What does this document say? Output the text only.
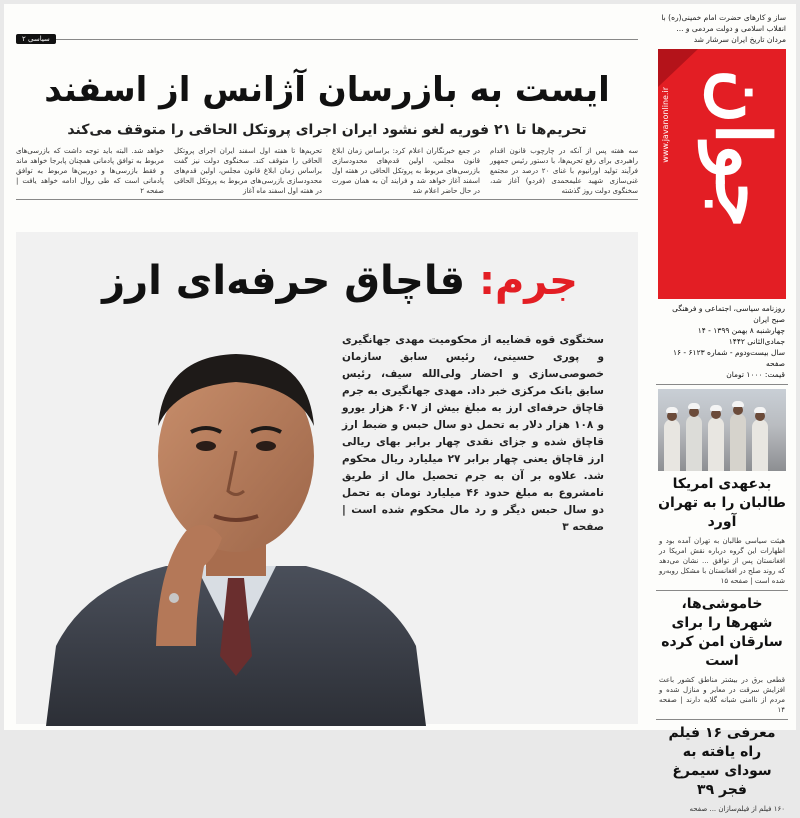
ساز و کارهای حضرت امام خمینی(ره) با انقلاب اسلامی و دولت مردمی و ... مردان تاریخ ایران سرشار شد
جوان
www.javanonline.ir
روزنامه سیاسی، اجتماعی و فرهنگی صبح ایران
چهارشنبه ۸ بهمن ۱۳۹۹ - ۱۴ جمادی‌الثانی ۱۴۴۲
سال بیست‌ودوم - شماره ۶۱۲۳ - ۱۶ صفحه
قیمت: ۱۰۰۰ تومان
بدعهدی امریکا طالبان را به تهران آورد
هیئت سیاسی طالبان به تهران آمده بود و اظهارات این گروه درباره نقش امریکا در افغانستان پس از توافق ... نشان می‌دهد که روند صلح در افغانستان با مشکل روبه‌رو شده است | صفحه ۱۵
خاموشی‌ها، شهرها را برای سارقان امن کرده است
قطعی برق در بیشتر مناطق کشور باعث افزایش سرقت در معابر و منازل شده و مردم از ناامنی شبانه گلایه دارند | صفحه ۱۴
معرفی ۱۶ فیلم راه یافته به سودای سیمرغ فجر ۳۹
۱۶۰ فیلم از فیلم‌سازان ... صفحه
سیاسی ۲
ایست به بازرسان آژانس از اسفند
تحریم‌ها تا ۲۱ فوریه لغو نشود ایران اجرای پروتکل الحاقی را متوقف می‌کند
سه هفته پس از آنکه در چارچوب قانون اقدام راهبردی برای رفع تحریم‌ها، با دستور رئیس جمهور فرآیند تولید اورانیوم با غنای ۲۰ درصد در مجتمع غنی‌سازی شهید علیمحمدی (فردو) آغاز شد، سخنگوی دولت روز گذشته
در جمع خبرنگاران اعلام کرد: براساس زمان ابلاغ قانون مجلس، اولین قدم‌های محدودسازی بازرسی‌های مربوط به پروتکل الحاقی در هفته اول اسفند آغاز خواهد شد و فرایند آن به همان صورت در حال حاضر اعلام شد
تحریم‌ها تا هفته اول اسفند ایران اجرای پروتکل الحاقی را متوقف کند. سخنگوی دولت نیز گفت براساس زمان ابلاغ قانون مجلس، اولین قدم‌های محدودسازی بازرسی‌های مربوط به پروتکل الحاقی در هفته اول اسفند ماه آغاز
خواهد شد. البته باید توجه داشت که بازرسی‌های مربوط به توافق پادمانی همچنان پابرجا خواهد ماند و فقط بازرسی‌ها و دوربین‌ها مربوط به توافق پادمانی است که طی روال ادامه خواهد یافت | صفحه ۲
جرم: قاچاق حرفه‌ای ارز
سخنگوی قوه قضاییه از محکومیت مهدی جهانگیری و پوری حسینی، رئیس سابق سازمان خصوصی‌سازی و احضار ولی‌الله سیف، رئیس سابق بانک مرکزی خبر داد. مهدی جهانگیری به جرم قاچاق حرفه‌ای ارز به مبلغ بیش از ۶۰۷ هزار یورو و ۱۰۸ هزار دلار به تحمل دو سال حبس و ضبط ارز قاچاق شده و جزای نقدی چهار برابر بهای ریالی ارز قاچاق یعنی چهار برابر ۲۷ میلیارد ریال محکوم شد. علاوه بر آن به جرم تحصیل مال از طریق نامشروع به مبلغ حدود ۴۶ میلیارد تومان به تحمل دو سال حبس دیگر و رد مال محکوم شده است | صفحه ۳
